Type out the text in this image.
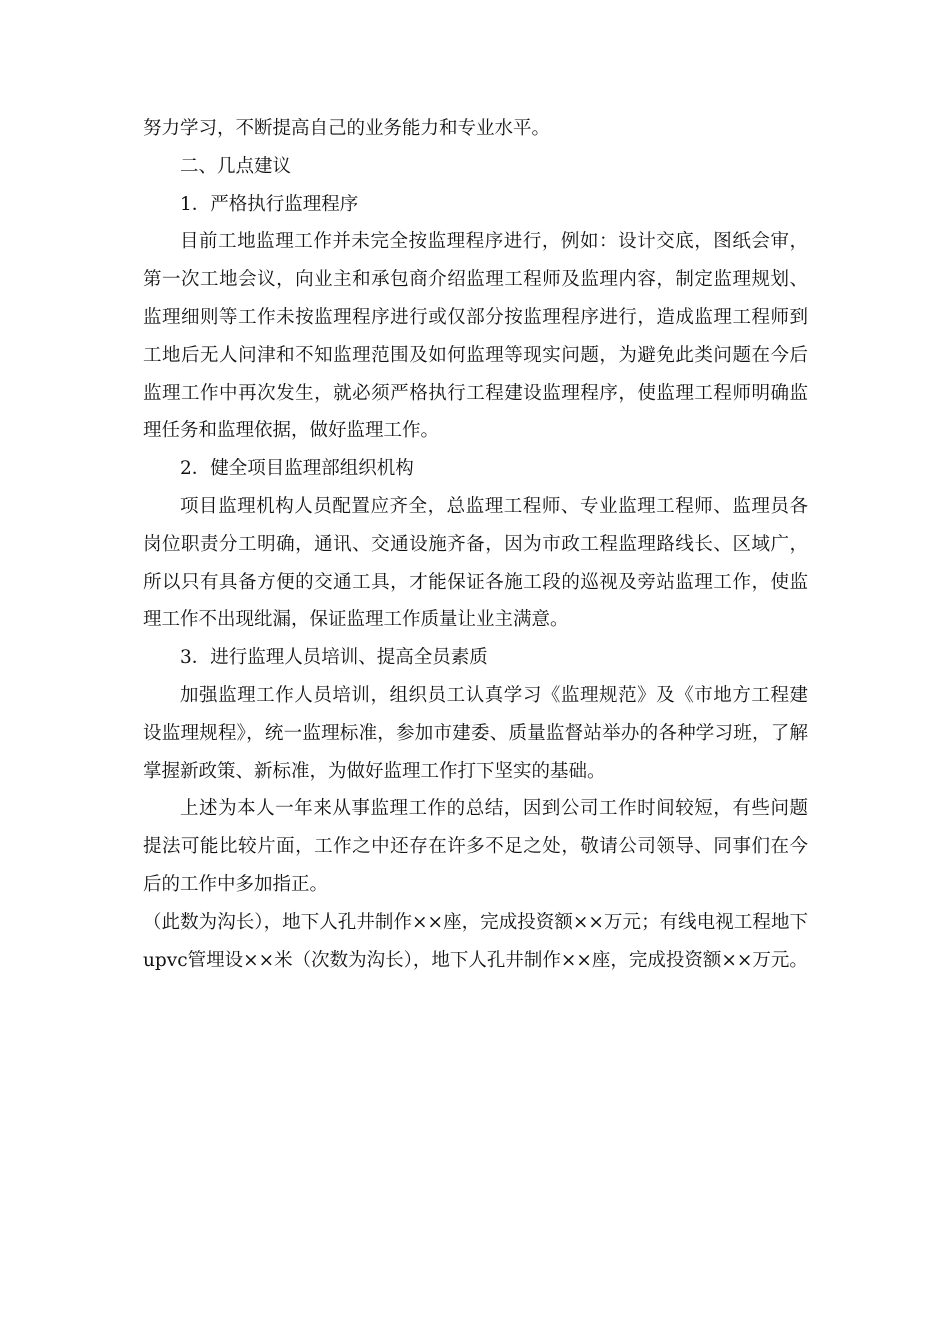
努力学习，不断提高自己的业务能力和专业水平。

二、几点建议

1．严格执行监理程序

目前工地监理工作并未完全按监理程序进行，例如：设计交底，图纸会审，第一次工地会议，向业主和承包商介绍监理工程师及监理内容，制定监理规划、监理细则等工作未按监理程序进行或仅部分按监理程序进行，造成监理工程师到工地后无人问津和不知监理范围及如何监理等现实问题，为避免此类问题在今后监理工作中再次发生，就必须严格执行工程建设监理程序，使监理工程师明确监理任务和监理依据，做好监理工作。

2．健全项目监理部组织机构

项目监理机构人员配置应齐全，总监理工程师、专业监理工程师、监理员各岗位职责分工明确，通讯、交通设施齐备，因为市政工程监理路线长、区域广，所以只有具备方便的交通工具，才能保证各施工段的巡视及旁站监理工作，使监理工作不出现纰漏，保证监理工作质量让业主满意。

3．进行监理人员培训、提高全员素质

加强监理工作人员培训，组织员工认真学习《监理规范》及《市地方工程建设监理规程》，统一监理标准，参加市建委、质量监督站举办的各种学习班，了解掌握新政策、新标准，为做好监理工作打下坚实的基础。

上述为本人一年来从事监理工作的总结，因到公司工作时间较短，有些问题提法可能比较片面，工作之中还存在许多不足之处，敬请公司领导、同事们在今后的工作中多加指正。

（此数为沟长），地下人孔井制作××座，完成投资额××万元；有线电视工程地下upvc管埋设××米（次数为沟长），地下人孔井制作××座，完成投资额××万元。
